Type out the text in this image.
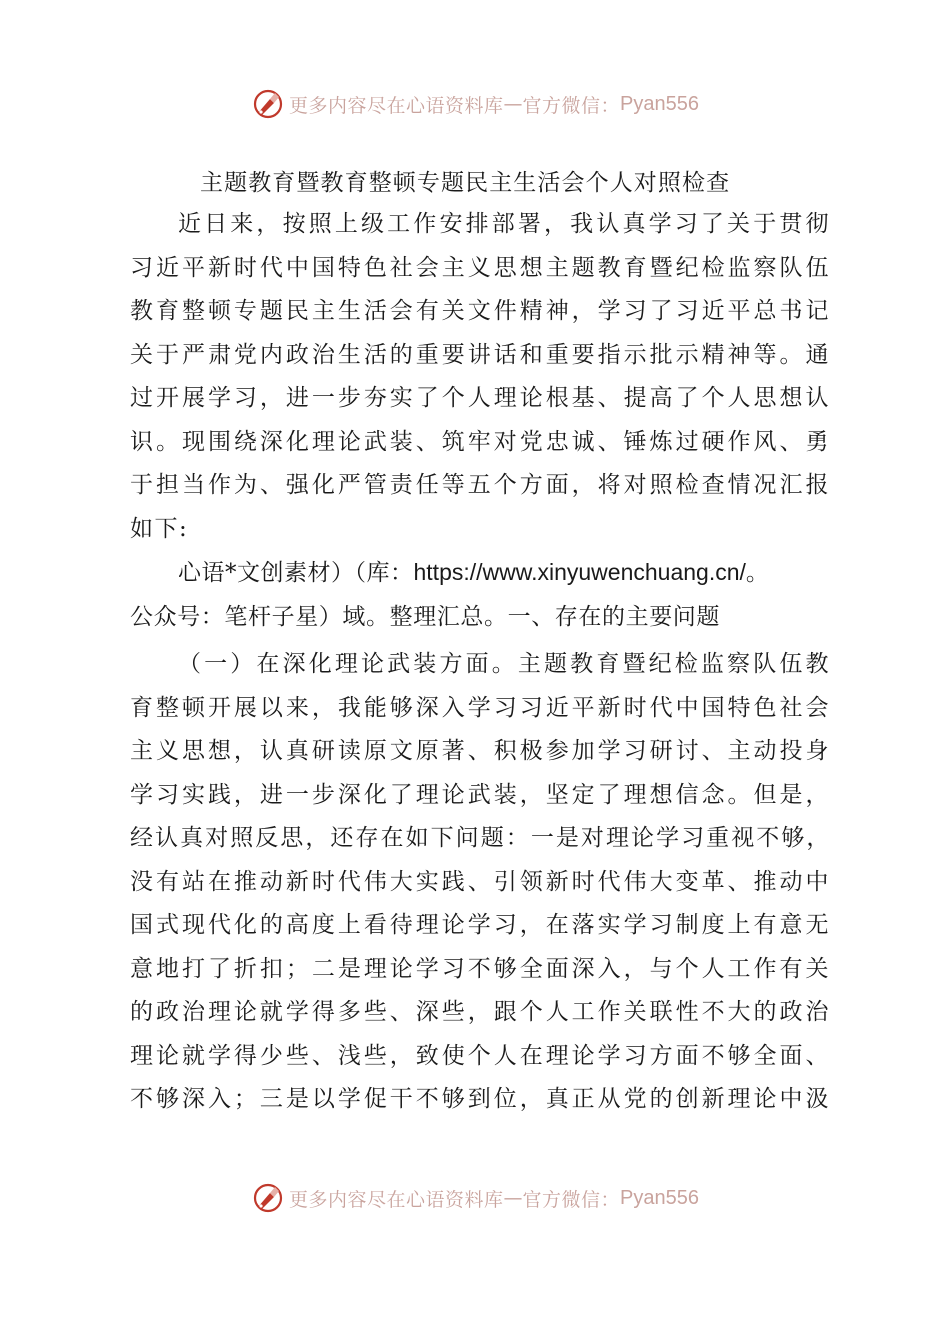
更多内容尽在心语资料库 — 官方微信： Pyan556
主题教育暨教育整顿专题民主生活会个人对照检查
近日来，按照上级工作安排部署，我认真学习了关于贯彻
习近平新时代中国特色社会主义思想主题教育暨纪检监察队伍
教育整顿专题民主生活会有关文件精神，学习了习近平总书记
关于严肃党内政治生活的重要讲话和重要指示批示精神等。通
过开展学习，进一步夯实了个人理论根基、提高了个人思想认
识。现围绕深化理论武装、筑牢对党忠诚、锤炼过硬作风、勇
于担当作为、强化严管责任等五个方面，将对照检查情况汇报
如下:
心语*文创素材）（库：https://www.xinyuwenchuang.cn/。
公众号：笔杆子星）域。整理汇总。一、存在的主要问题
（一）在深化理论武装方面。主题教育暨纪检监察队伍教
育整顿开展以来，我能够深入学习习近平新时代中国特色社会
主义思想，认真研读原文原著、积极参加学习研讨、主动投身
学习实践，进一步深化了理论武装，坚定了理想信念。但是，
经认真对照反思，还存在如下问题：一是对理论学习重视不够，
没有站在推动新时代伟大实践、引领新时代伟大变革、推动中
国式现代化的高度上看待理论学习，在落实学习制度上有意无
意地打了折扣；二是理论学习不够全面深入，与个人工作有关
的政治理论就学得多些、深些，跟个人工作关联性不大的政治
理论就学得少些、浅些，致使个人在理论学习方面不够全面、
不够深入；三是以学促干不够到位，真正从党的创新理论中汲
更多内容尽在心语资料库 — 官方微信： Pyan556
